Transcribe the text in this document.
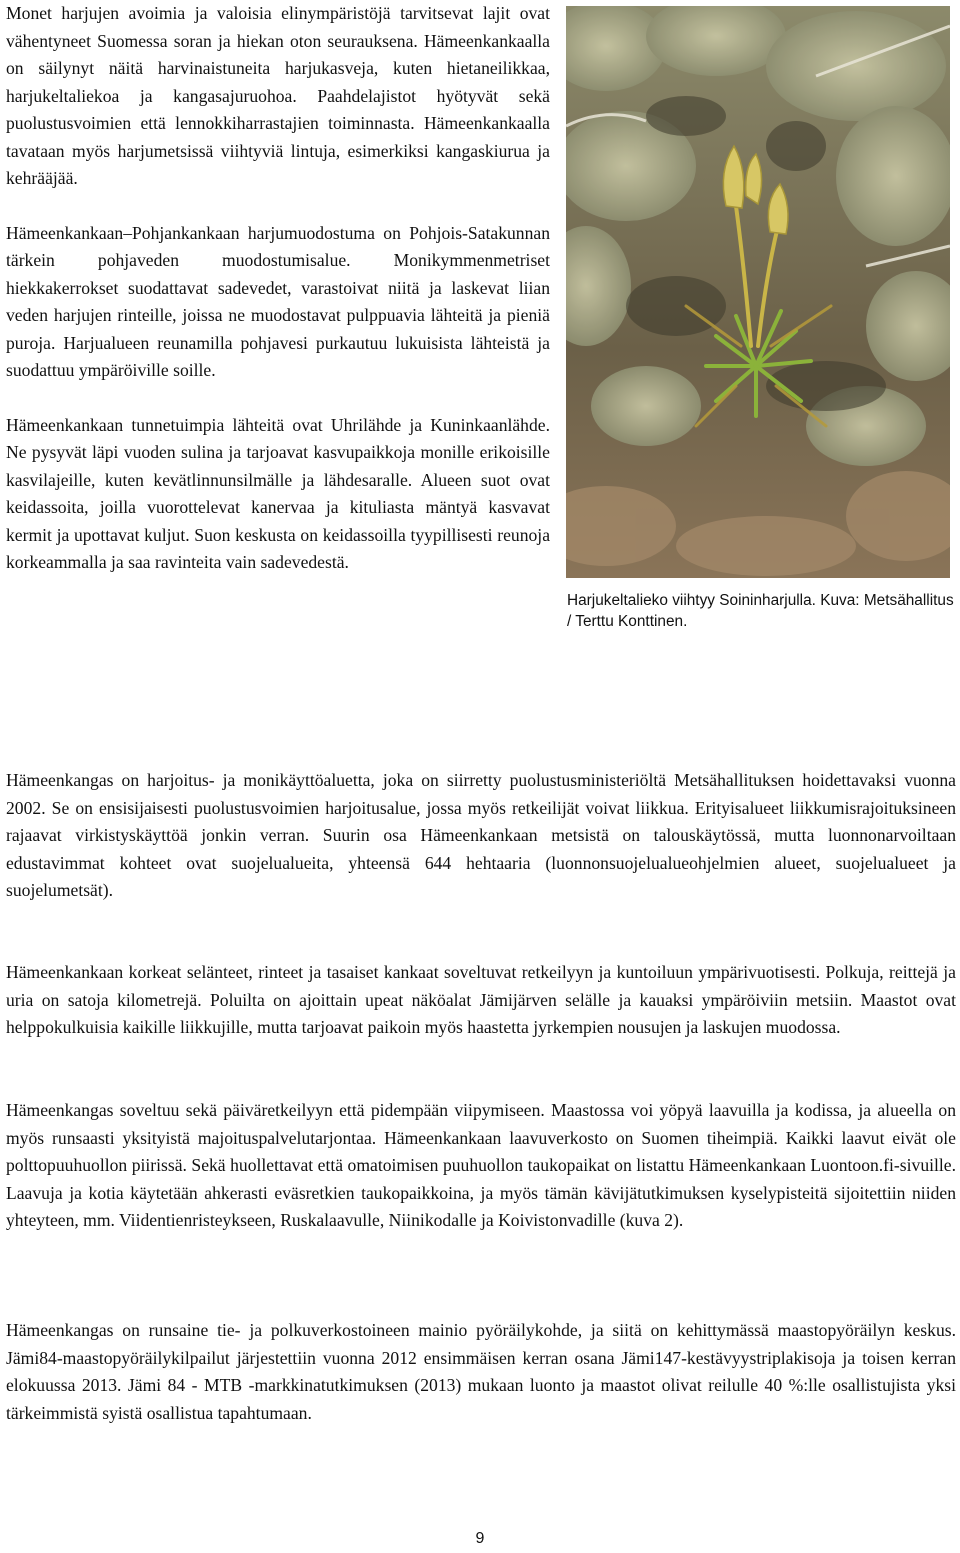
Monet harjujen avoimia ja valoisia elinympäristöjä tarvitsevat lajit ovat vähentyneet Suomessa soran ja hiekan oton seurauksena. Hämeenkankaalla on säilynyt näitä harvinaistuneita harjukasveja, kuten hietaneilikkaa, harjukeltaliekoa ja kangasajuruohoa. Paahdelajistot hyötyvät sekä puolustusvoimien että lennokkiharrastajien toiminnasta. Hämeenkankaalla tavataan myös harjumetsissä viihtyviä lintuja, esimerkiksi kangaskiurua ja kehrääjää.

Hämeenkankaan–Pohjankankaan harjumuodostuma on Pohjois-Satakunnan tärkein pohjaveden muodostumisalue. Monikymmenmetriset hiekkakerrokset suodattavat sadevedet, varastoivat niitä ja laskevat liian veden harjujen rinteille, joissa ne muodostavat pulppuavia lähteitä ja pieniä puroja. Harjualueen reunamilla pohjavesi purkautuu lukuisista lähteistä ja suodattuu ympäröiville soille.

Hämeenkankaan tunnetuimpia lähteitä ovat Uhrilähde ja Kuninkaanlähde. Ne pysyvät läpi vuoden sulina ja tarjoavat kasvupaikkoja monille erikoisille kasvilajeille, kuten kevätlinnunsilmälle ja lähdesaralle. Alueen suot ovat keidassoita, joilla vuorottelevat kanervaa ja kituliasta mäntyä kasvavat kermit ja upottavat kuljut. Suon keskusta on keidassoilla tyypillisesti reunoja korkeammalla ja saa ravinteita vain sadevedestä.

Harjukeltalieko viihtyy Soininharjulla. Kuva: Metsähallitus / Terttu Konttinen.

Hämeenkangas on harjoitus- ja monikäyttöaluetta, joka on siirretty puolustusministeriöltä Metsähallituksen hoidettavaksi vuonna 2002. Se on ensisijaisesti puolustusvoimien harjoitusalue, jossa myös retkeilijät voivat liikkua. Erityisalueet liikkumisrajoituksineen rajaavat virkistyskäyttöä jonkin verran. Suurin osa Hämeenkankaan metsistä on talouskäytössä, mutta luonnonarvoiltaan edustavimmat kohteet ovat suojelualueita, yhteensä 644 hehtaaria (luonnonsuojelualueohjelmien alueet, suojelualueet ja suojelumetsät).

Hämeenkankaan korkeat selänteet, rinteet ja tasaiset kankaat soveltuvat retkeilyyn ja kuntoiluun ympärivuotisesti. Polkuja, reittejä ja uria on satoja kilometrejä. Poluilta on ajoittain upeat näköalat Jämijärven selälle ja kauaksi ympäröiviin metsiin. Maastot ovat helppokulkuisia kaikille liikkujille, mutta tarjoavat paikoin myös haastetta jyrkempien nousujen ja laskujen muodossa.

Hämeenkangas soveltuu sekä päiväretkeilyyn että pidempään viipymiseen. Maastossa voi yöpyä laavuilla ja kodissa, ja alueella on myös runsaasti yksityistä majoituspalvelutarjontaa. Hämeenkankaan laavuverkosto on Suomen tiheimpiä. Kaikki laavut eivät ole polttopuuhuollon piirissä. Sekä huollettavat että omatoimisen puuhuollon taukopaikat on listattu Hämeenkankaan Luontoon.fi-sivuille. Laavuja ja kotia käytetään ahkerasti eväsretkien taukopaikkoina, ja myös tämän kävijätutkimuksen kyselypisteitä sijoitettiin niiden yhteyteen, mm. Viidentienristeykseen, Ruskalaavulle, Niinikodalle ja Koivistonvadille (kuva 2).

Hämeenkangas on runsaine tie- ja polkuverkostoineen mainio pyöräilykohde, ja siitä on kehittymässä maastopyöräilyn keskus. Jämi84-maastopyöräilykilpailut järjestettiin vuonna 2012 ensimmäisen kerran osana Jämi147-kestävyystriplakisoja ja toisen kerran elokuussa 2013. Jämi 84 - MTB -markkinatutkimuksen (2013) mukaan luonto ja maastot olivat reilulle 40 %:lle osallistujista yksi tärkeimmistä syistä osallistua tapahtumaan.

9
